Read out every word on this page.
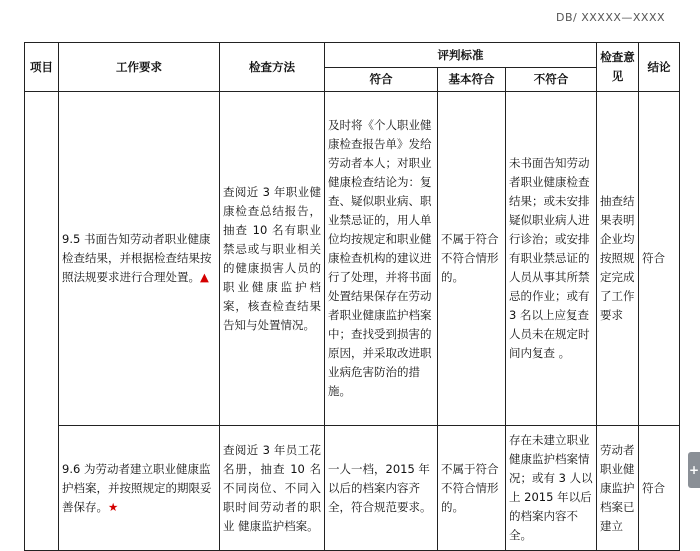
DB/ XXXXX—XXXX
项目	工作要求	检查方法	评判标准			检查意见	结论
			符合	基本符合	不符合		
	9.5 书面告知劳动者职业健康检查结果，并根据检查结果按照法规要求进行合理处置。▲	查阅近 3 年职业健康检查总结报告，抽查 10 名有职业禁忌或与职业相关的健康损害人员的职业健康监护档案，核查检查结果告知与处置情况。	及时将《个人职业健康检查报告单》发给劳动者本人；对职业健康检查结论为：复查、疑似职业病、职业禁忌证的，用人单位均按规定和职业健康检查机构的建议进行了处理，并将书面处置结果保存在劳动者职业健康监护档案中；查找受到损害的原因，并采取改进职业病危害防治的措施。	不属于符合不符合情形的。	未书面告知劳动者职业健康检查结果；或未安排疑似职业病人进行诊治；或安排有职业禁忌证的人员从事其所禁忌的作业；或有 3 名以上应复查人员未在规定时间内复查 。	抽查结果表明企业均按照规定完成了工作要求	符合
	9.6 为劳动者建立职业健康监护档案，并按照规定的期限妥善保存。★	查阅近 3 年员工花名册，抽查 10 名不同岗位、不同入职时间劳动者的职业 健康监护档案。	一人一档，2015 年以后的档案内容齐全，符合规范要求。	不属于符合不符合情形的。	存在未建立职业健康监护档案情况；或有 3 人以上 2015 年以后的档案内容不全。	劳动者职业健康监护档案已建立	符合
+
